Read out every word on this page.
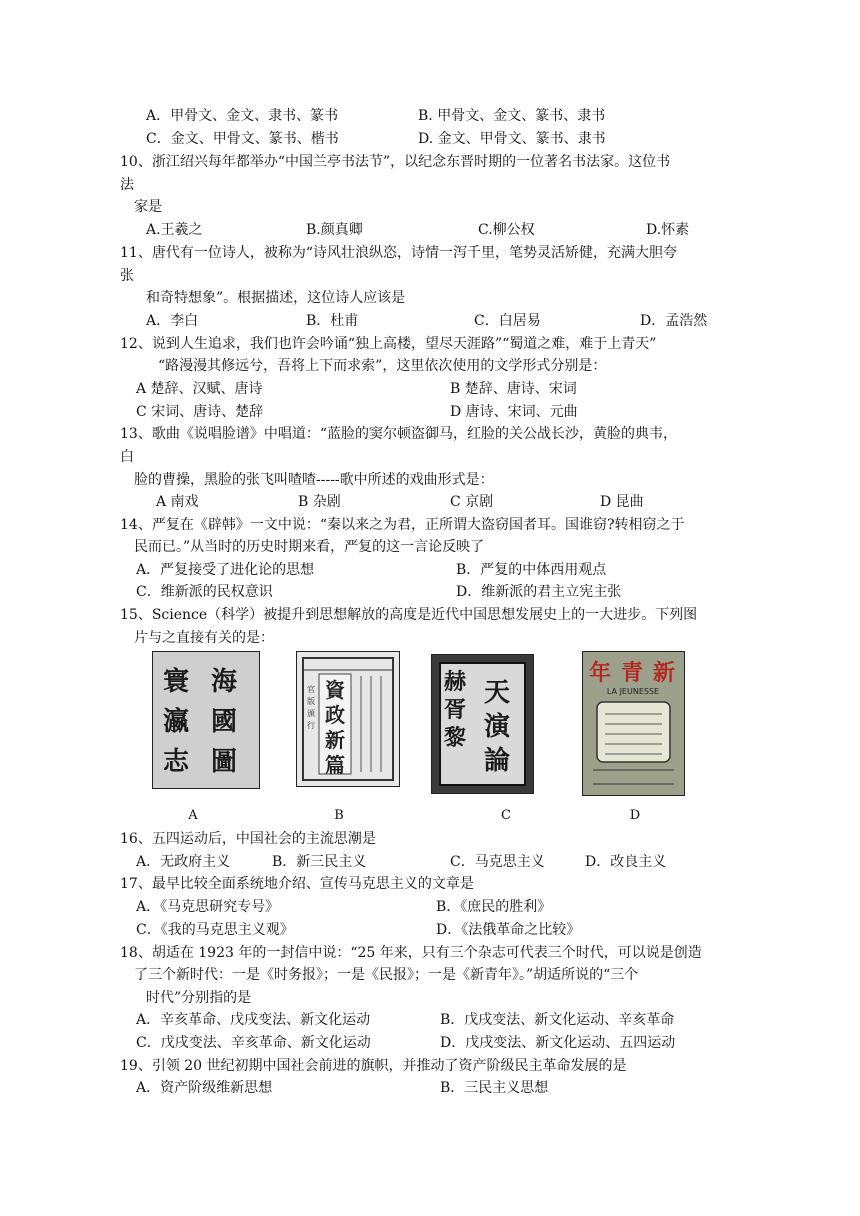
A．甲骨文、金文、隶书、篆书	B. 甲骨文、金文、篆书、隶书
C．金文、甲骨文、篆书、楷书	D. 金文、甲骨文、篆书、隶书
10、浙江绍兴每年都举办“中国兰亭书法节”，以纪念东晋时期的一位著名书法家。这位书
法
家是
A.王羲之	B.颜真卿	C.柳公权	D.怀素
11、唐代有一位诗人，被称为“诗风壮浪纵恣，诗情一泻千里，笔势灵活矫健，充满大胆夸
张
和奇特想象”。根据描述，这位诗人应该是
A．李白	B．杜甫	C．白居易	D．孟浩然
12、说到人生追求，我们也许会吟诵“独上高楼，望尽天涯路”“蜀道之难，难于上青天”
“路漫漫其修远兮，吾将上下而求索”，这里依次使用的文学形式分别是：
A 楚辞、汉赋、唐诗	B 楚辞、唐诗、宋词
C 宋词、唐诗、楚辞	D 唐诗、宋词、元曲
13、歌曲《说唱脸谱》中唱道：“蓝脸的窦尔顿盗御马，红脸的关公战长沙，黄脸的典韦，
白
脸的曹操，黑脸的张飞叫喳喳-----歌中所述的戏曲形式是：
A 南戏	B 杂剧	C 京剧	D 昆曲
14、严复在《辟韩》一文中说：“秦以来之为君，正所谓大盗窃国者耳。国谁窃?转相窃之于
民而已。”从当时的历史时期来看，严复的这一言论反映了
A．严复接受了进化论的思想	B．严复的中体西用观点
C．维新派的民权意识	D．维新派的君主立宪主张
15、Science（科学）被提升到思想解放的高度是近代中国思想发展史上的一大进步。下列图
片与之直接有关的是：
寰 海
瀛 國
志 圖
A
資
政
新
篇
官
版
頒
行
B
赫
胥
黎
天
演
論
C
年 青 新
LA JEUNESSE
D
16、五四运动后，中国社会的主流思潮是
A．无政府主义	B．新三民主义	C．马克思主义	D．改良主义
17、最早比较全面系统地介绍、宣传马克思主义的文章是
A．《马克思研究专号》	B．《庶民的胜利》
C．《我的马克思主义观》	D．《法俄革命之比较》
18、胡适在 1923 年的一封信中说：“25 年来，只有三个杂志可代表三个时代，可以说是创造
了三个新时代：一是《时务报》；一是《民报》；一是《新青年》。”胡适所说的“三个
时代”分别指的是
A．辛亥革命、戊戌变法、新文化运动	B．戊戌变法、新文化运动、辛亥革命
C．戊戌变法、辛亥革命、新文化运动	D．戊戌变法、新文化运动、五四运动
19、引领 20 世纪初期中国社会前进的旗帜，并推动了资产阶级民主革命发展的是
A．资产阶级维新思想	B．三民主义思想
